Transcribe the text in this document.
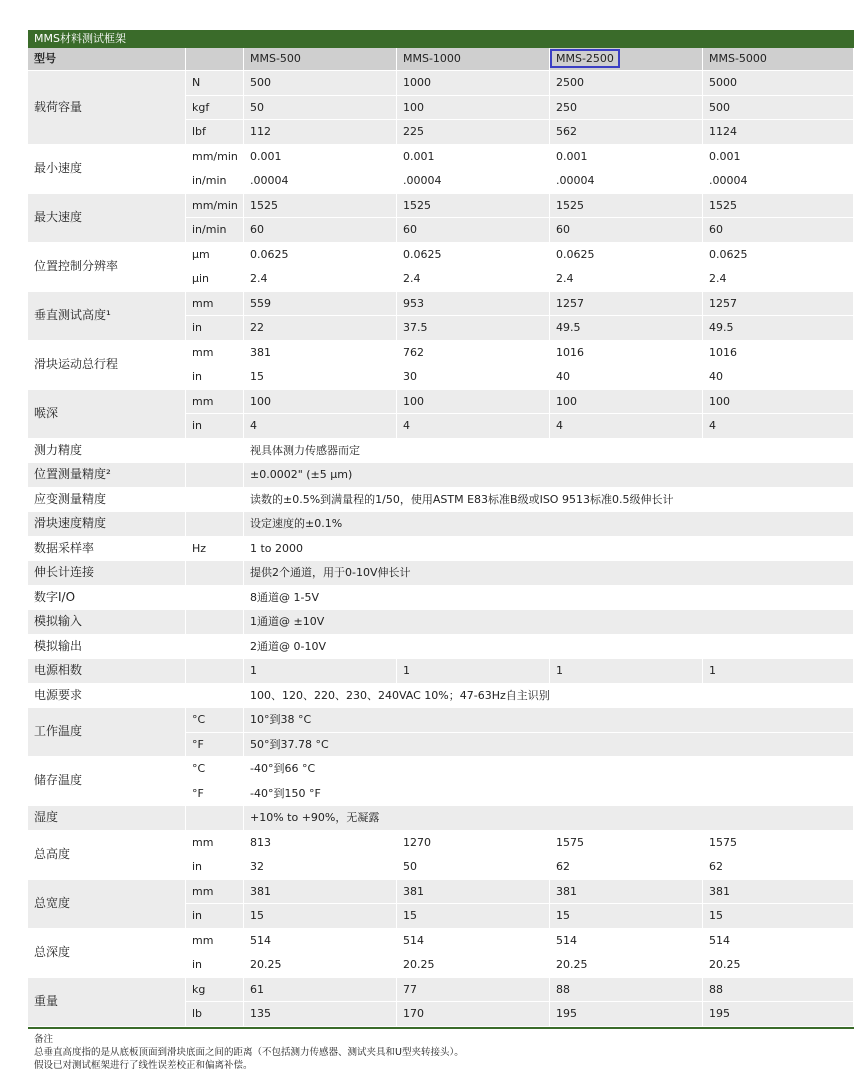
MMS材料测试框架
型号		MMS-500	MMS-1000	MMS-2500	MMS-5000
载荷容量	N	500	1000	2500	5000
	kgf	50	100	250	500
	lbf	112	225	562	1124
最小速度	mm/min	0.001	0.001	0.001	0.001
	in/min	.00004	.00004	.00004	.00004
最大速度	mm/min	1525	1525	1525	1525
	in/min	60	60	60	60
位置控制分辨率	µm	0.0625	0.0625	0.0625	0.0625
	µin	2.4	2.4	2.4	2.4
垂直测试高度¹	mm	559	953	1257	1257
	in	22	37.5	49.5	49.5
滑块运动总行程	mm	381	762	1016	1016
	in	15	30	40	40
喉深	mm	100	100	100	100
	in	4	4	4	4
测力精度		视具体测力传感器而定			
位置测量精度²		±0.0002" (±5 µm)			
应变测量精度		读数的±0.5%到满量程的1/50，使用ASTM E83标准B级或ISO 9513标准0.5级伸长计			
滑块速度精度		设定速度的±0.1%			
数据采样率	Hz	1 to 2000			
伸长计连接		提供2个通道，用于0-10V伸长计			
数字I/O		8通道@ 1-5V			
模拟输入		1通道@ ±10V			
模拟输出		2通道@ 0-10V			
电源相数		1	1	1	1
电源要求		100、120、220、230、240VAC 10%；47-63Hz自主识别			
工作温度	°C	10°到38 °C			
	°F	50°到37.78 °C			
储存温度	°C	-40°到66 °C			
	°F	-40°到150 °F			
湿度		+10% to +90%，无凝露			
总高度	mm	813	1270	1575	1575
	in	32	50	62	62
总宽度	mm	381	381	381	381
	in	15	15	15	15
总深度	mm	514	514	514	514
	in	20.25	20.25	20.25	20.25
重量	kg	61	77	88	88
	lb	135	170	195	195
备注
总垂直高度指的是从底板顶面到滑块底面之间的距离（不包括测力传感器、测试夹具和U型夹转接头）。
假设已对测试框架进行了线性误差校正和偏离补偿。
